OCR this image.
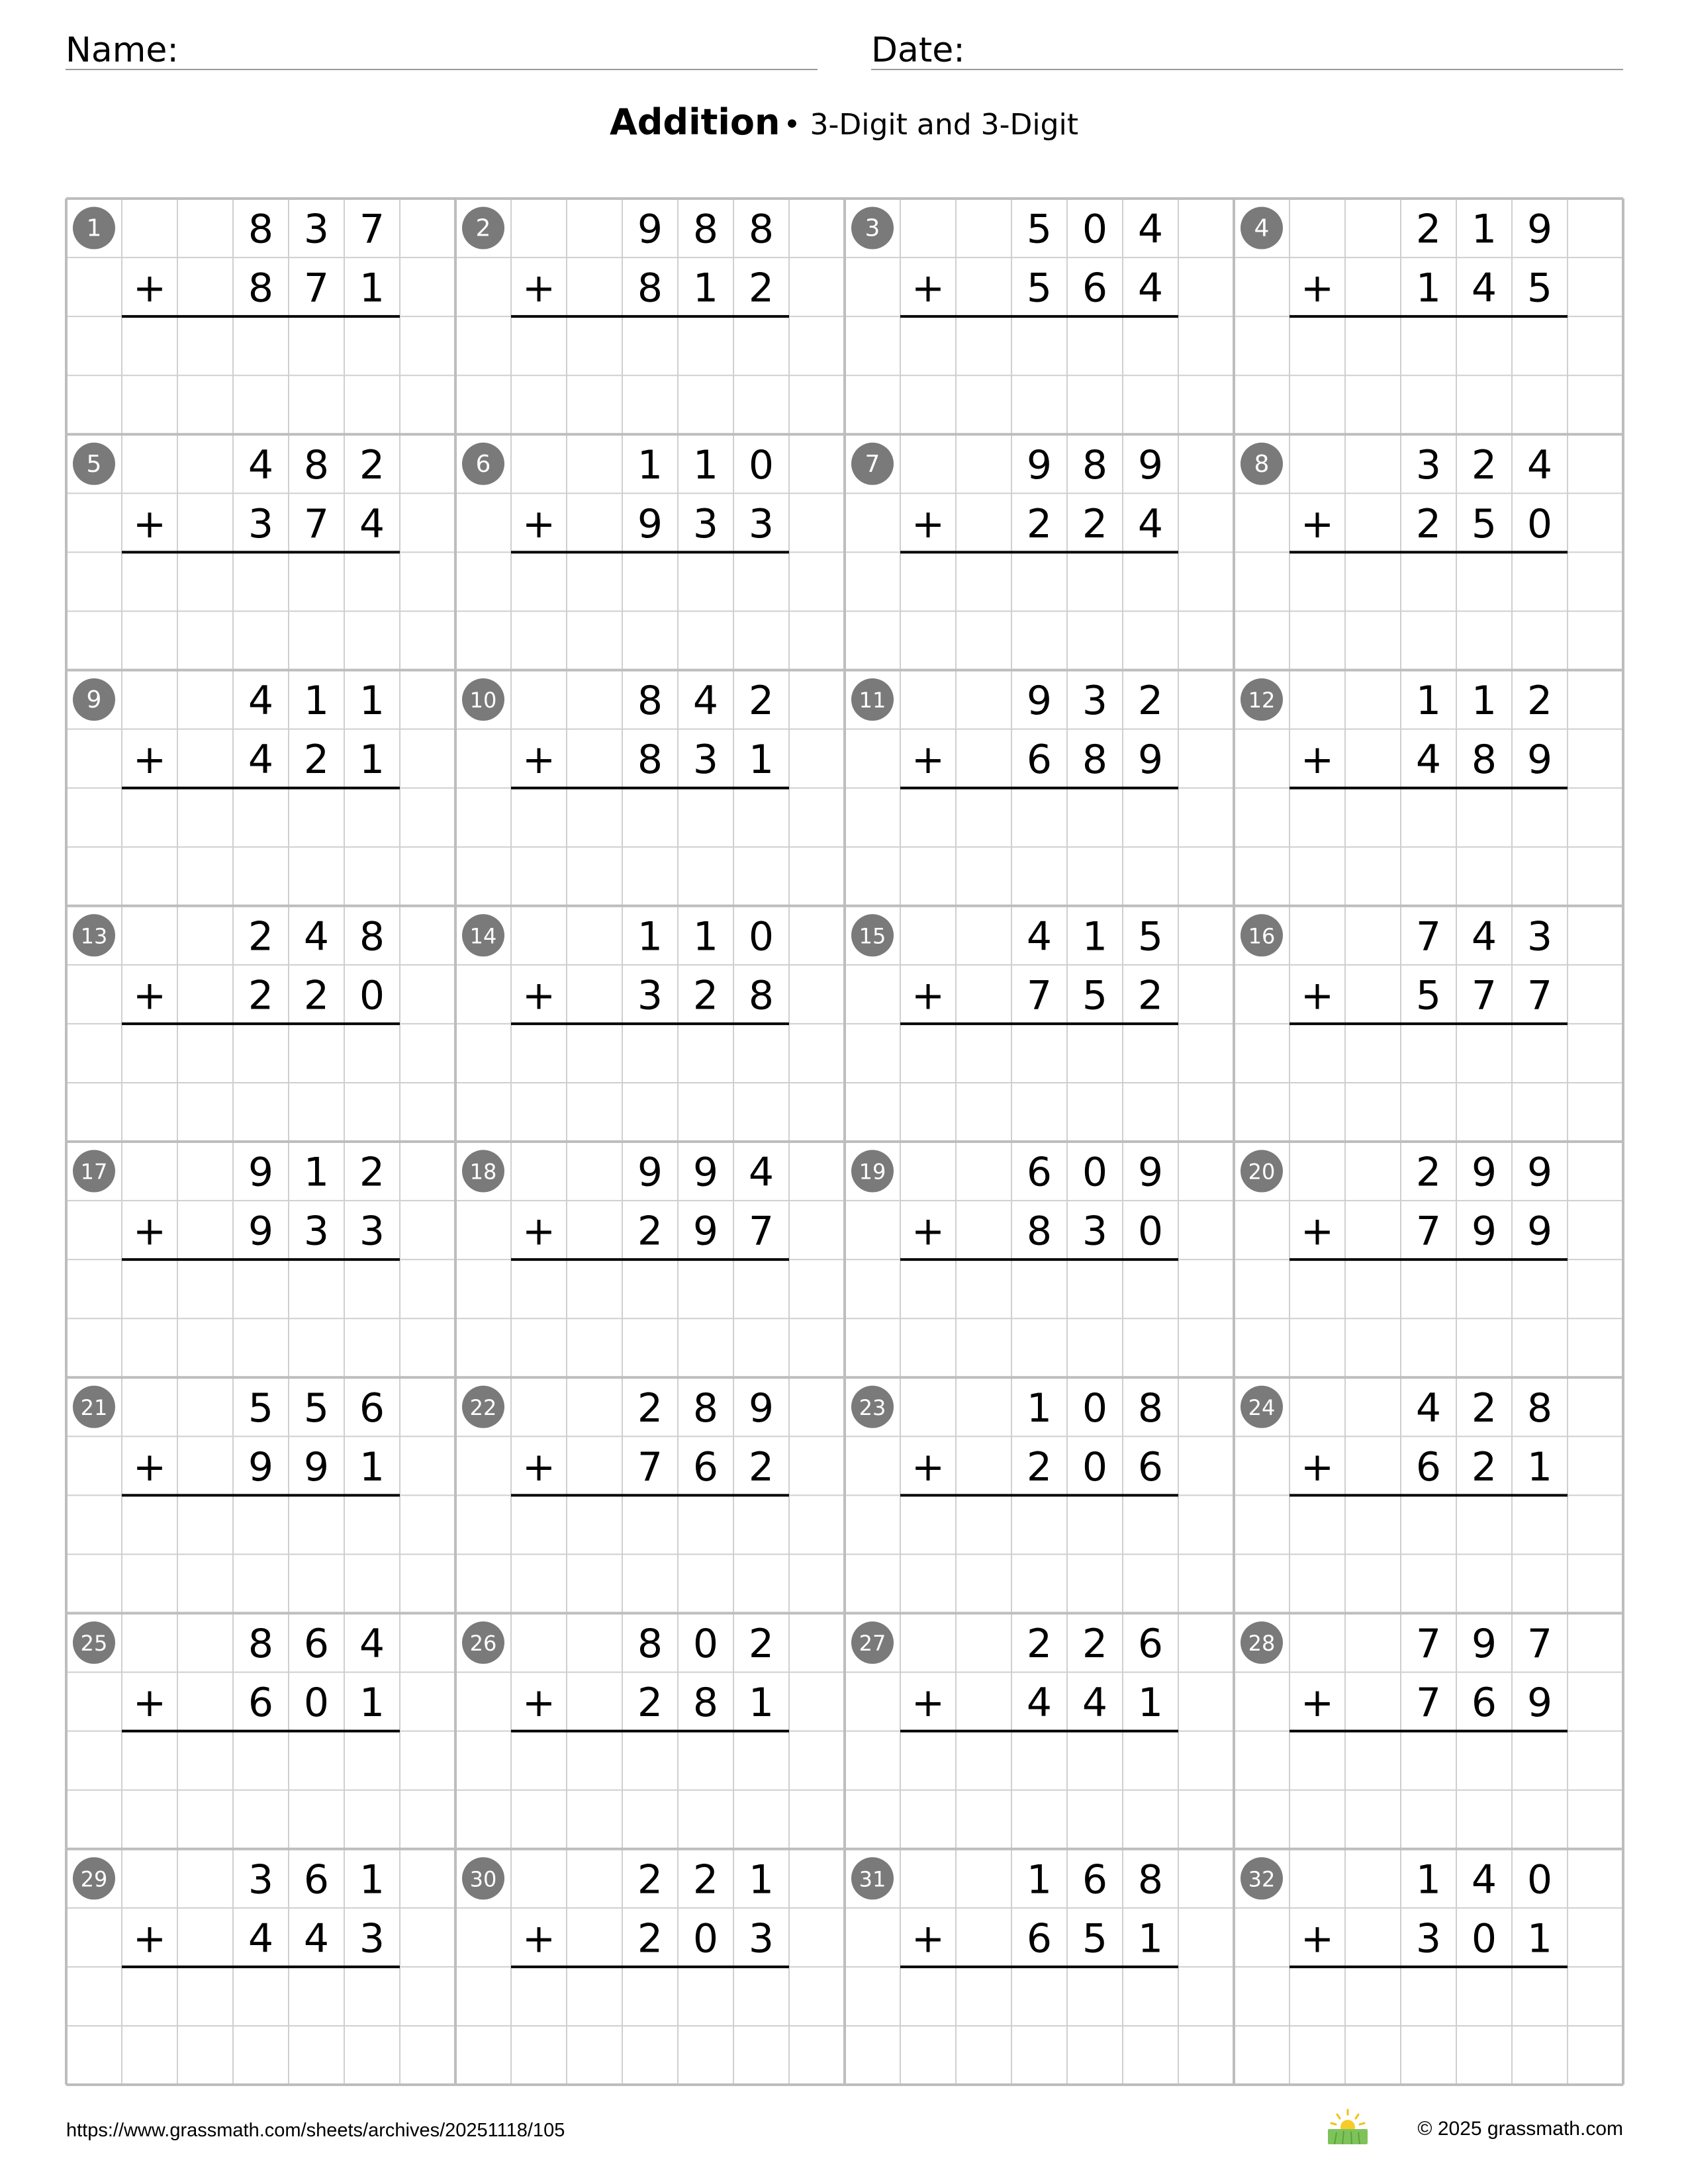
Name:	Date:
Addition • 3-Digit and 3-Digit
1	8 3 7
8 7 1
+
2	9 8 8
8 1 2
+
3	5 0 4
5 6 4
+
4	2 1 9
1 4 5
+
5	4 8 2
3 7 4
+
6	1 1 0
9 3 3
+
7	9 8 9
2 2 4
+
8	3 2 4
2 5 0
+
9	4 1 1
4 2 1
+
10	8 4 2
8 3 1
+
11	9 3 2
6 8 9
+
12	1 1 2
4 8 9
+
13	2 4 8
2 2 0
+
14	1 1 0
3 2 8
+
15	4 1 5
7 5 2
+
16	7 4 3
5 7 7
+
17	9 1 2
9 3 3
+
18	9 9 4
2 9 7
+
19	6 0 9
8 3 0
+
20	2 9 9
7 9 9
+
21	5 5 6
9 9 1
+
22	2 8 9
7 6 2
+
23	1 0 8
2 0 6
+
24	4 2 8
6 2 1
+
25	8 6 4
6 0 1
+
26	8 0 2
2 8 1
+
27	2 2 6
4 4 1
+
28	7 9 7
7 6 9
+
29	3 6 1
4 4 3
+
30	2 2 1
2 0 3
+
31	1 6 8
6 5 1
+
32	1 4 0
3 0 1
+
https://www.grassmath.com/sheets/archives/20251118/105	© 2025 grassmath.com
